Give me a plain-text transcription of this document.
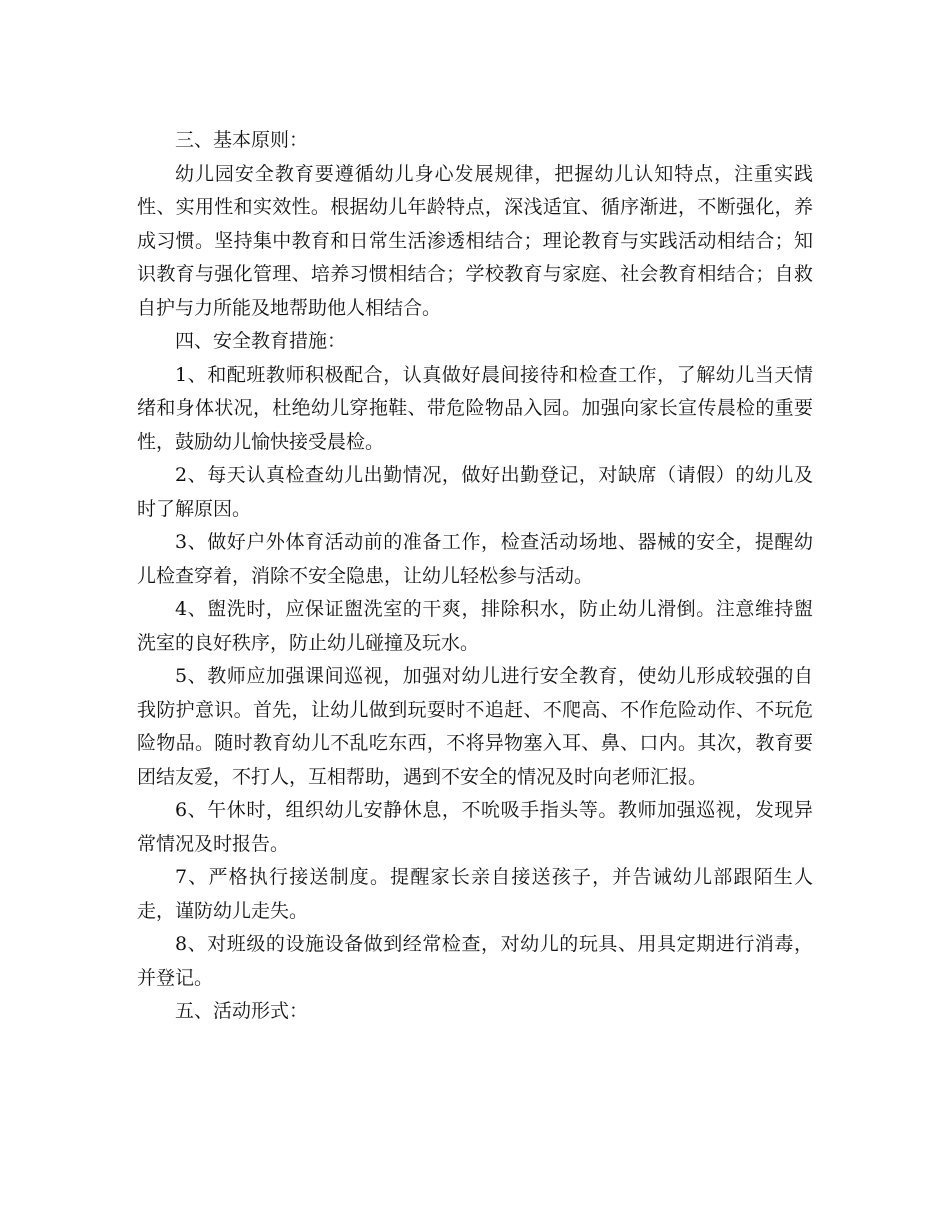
三、基本原则：

幼儿园安全教育要遵循幼儿身心发展规律，把握幼儿认知特点，注重实践性、实用性和实效性。根据幼儿年龄特点，深浅适宜、循序渐进，不断强化，养成习惯。坚持集中教育和日常生活渗透相结合；理论教育与实践活动相结合；知识教育与强化管理、培养习惯相结合；学校教育与家庭、社会教育相结合；自救自护与力所能及地帮助他人相结合。

四、安全教育措施：

1、和配班教师积极配合，认真做好晨间接待和检查工作，了解幼儿当天情绪和身体状况，杜绝幼儿穿拖鞋、带危险物品入园。加强向家长宣传晨检的重要性，鼓励幼儿愉快接受晨检。

2、每天认真检查幼儿出勤情况，做好出勤登记，对缺席（请假）的幼儿及时了解原因。

3、做好户外体育活动前的准备工作，检查活动场地、器械的安全，提醒幼儿检查穿着，消除不安全隐患，让幼儿轻松参与活动。

4、盥洗时，应保证盥洗室的干爽，排除积水，防止幼儿滑倒。注意维持盥洗室的良好秩序，防止幼儿碰撞及玩水。

5、教师应加强课间巡视，加强对幼儿进行安全教育，使幼儿形成较强的自我防护意识。首先，让幼儿做到玩耍时不追赶、不爬高、不作危险动作、不玩危险物品。随时教育幼儿不乱吃东西，不将异物塞入耳、鼻、口内。其次，教育要团结友爱，不打人，互相帮助，遇到不安全的情况及时向老师汇报。

6、午休时，组织幼儿安静休息，不吮吸手指头等。教师加强巡视，发现异常情况及时报告。

7、严格执行接送制度。提醒家长亲自接送孩子，并告诫幼儿部跟陌生人走，谨防幼儿走失。

8、对班级的设施设备做到经常检查，对幼儿的玩具、用具定期进行消毒，并登记。

五、活动形式：
